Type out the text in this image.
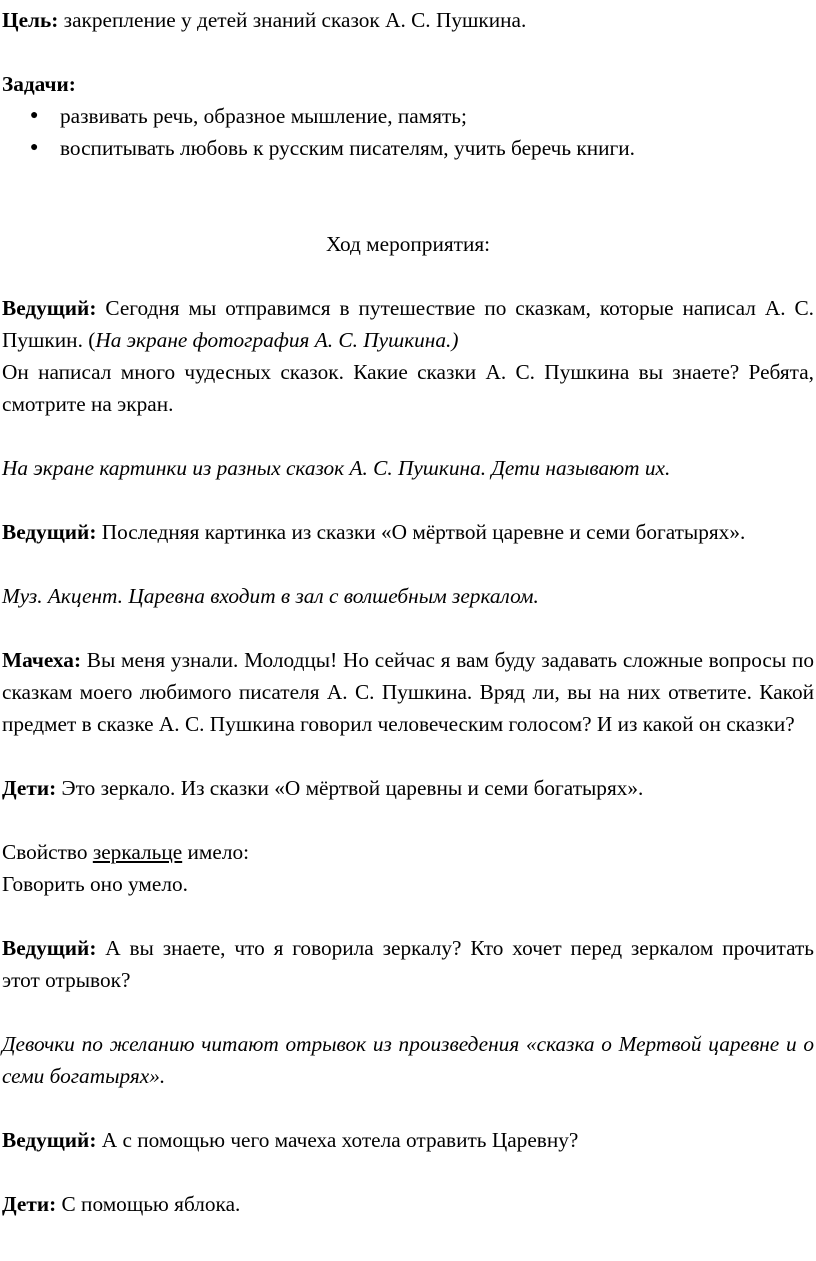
Цель: закрепление у детей знаний сказок А. С. Пушкина.

Задачи:

● развивать речь, образное мышление, память;
● воспитывать любовь к русским писателям, учить беречь книги.

Ход мероприятия:

Ведущий: Сегодня мы отправимся в путешествие по сказкам, которые написал А. С. Пушкин. (На экране фотография А. С. Пушкина.)

Он написал много чудесных сказок. Какие сказки А. С. Пушкина вы знаете? Ребята, смотрите на экран.

На экране картинки из разных сказок А. С. Пушкина. Дети называют их.

Ведущий: Последняя картинка из сказки «О мёртвой царевне и семи богатырях».

Муз. Акцент. Царевна входит в зал с волшебным зеркалом.

Мачеха: Вы меня узнали. Молодцы! Но сейчас я вам буду задавать сложные вопросы по сказкам моего любимого писателя А. С. Пушкина. Вряд ли, вы на них ответите. Какой предмет в сказке А. С. Пушкина говорил человеческим голосом? И из какой он сказки?

Дети: Это зеркало. Из сказки «О мёртвой царевны и семи богатырях».

Свойство зеркальце имело:

Говорить оно умело.

Ведущий: А вы знаете, что я говорила зеркалу? Кто хочет перед зеркалом прочитать этот отрывок?

Девочки по желанию читают отрывок из произведения «сказка о Мертвой царевне и о семи богатырях».

Ведущий: А с помощью чего мачеха хотела отравить Царевну?

Дети: С помощью яблока.
